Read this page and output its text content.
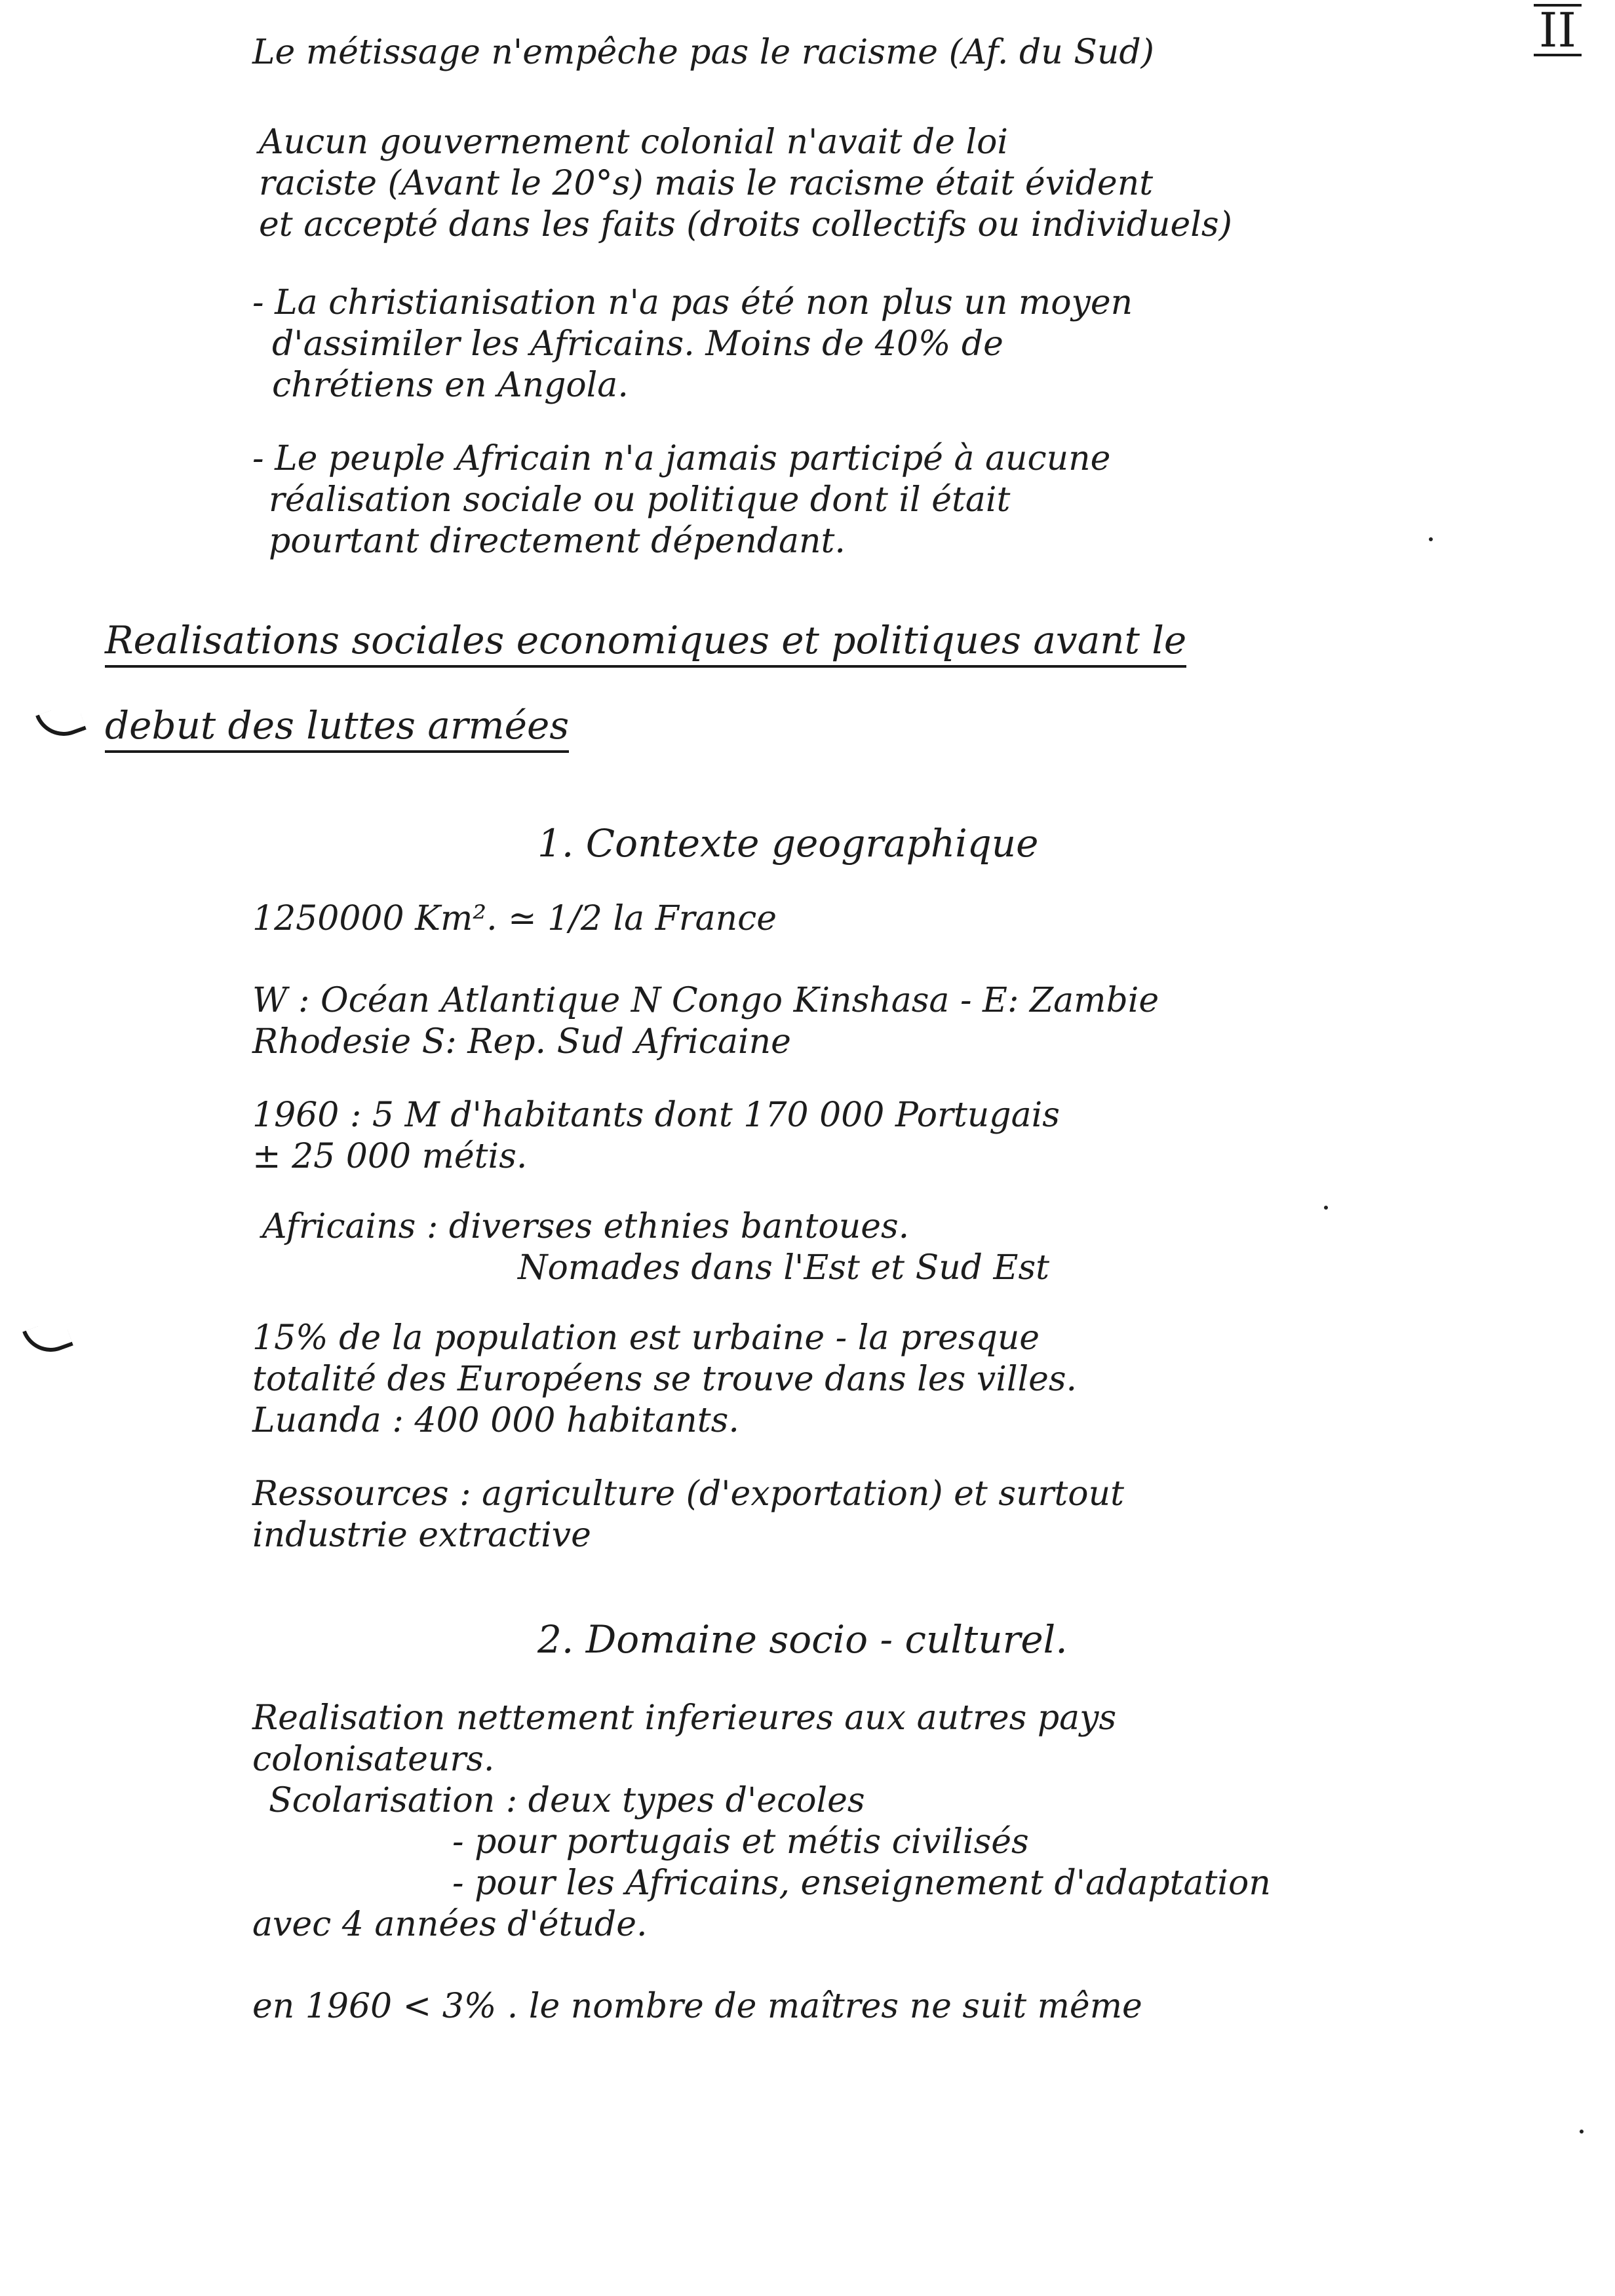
II
Le métissage n'empêche pas le racisme (Af. du Sud)
Aucun gouvernement colonial n'avait de loi
raciste (Avant le 20°s) mais le racisme était évident
et accepté dans les faits (droits collectifs ou individuels)
- La christianisation n'a pas été non plus un moyen
d'assimiler les Africains. Moins de 40% de
chrétiens en Angola.
- Le peuple Africain n'a jamais participé à aucune
réalisation sociale ou politique dont il était
pourtant directement dépendant.
Realisations sociales economiques et politiques avant le
debut des luttes armées
1. Contexte geographique
1250000 Km². ≃ 1/2 la France
W : Océan Atlantique N Congo Kinshasa - E: Zambie
Rhodesie S: Rep. Sud Africaine
1960 : 5 M d'habitants dont 170 000 Portugais
± 25 000 métis.
Africains : diverses ethnies bantoues.
Nomades dans l'Est et Sud Est
15% de la population est urbaine - la presque
totalité des Européens se trouve dans les villes.
Luanda : 400 000 habitants.
Ressources : agriculture (d'exportation) et surtout
industrie extractive
2. Domaine socio - culturel.
Realisation nettement inferieures aux autres pays
colonisateurs.
Scolarisation : deux types d'ecoles
- pour portugais et métis civilisés
- pour les Africains, enseignement d'adaptation
avec 4 années d'étude.
en 1960 < 3% . le nombre de maîtres ne suit même
